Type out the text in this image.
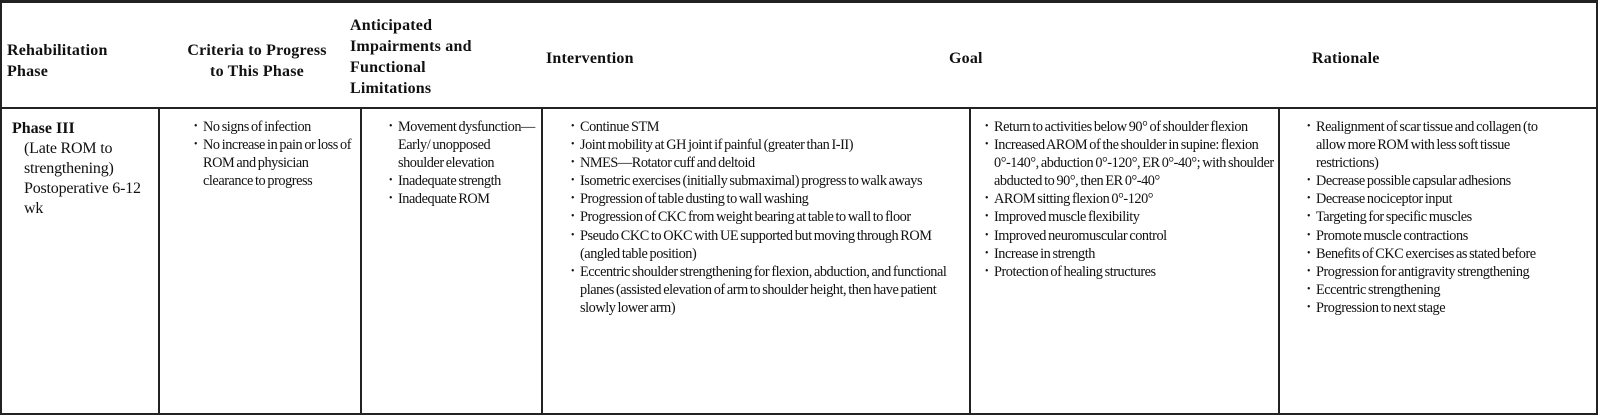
Rehabilitation
Phase
Criteria to Progress
to This Phase
Anticipated
Impairments and
Functional
Limitations
Intervention	Goal	Rationale
Phase III
(Late ROM to strengthening)
Postoperative 6-12 wk
• No signs of infection
• No increase in pain or loss of ROM and physician clearance to progress
• Movement dysfunction—Early/ unopposed shoulder elevation
• Inadequate strength
• Inadequate ROM
• Continue STM
• Joint mobility at GH joint if painful (greater than I-II)
• NMES—Rotator cuff and deltoid
• Isometric exercises (initially submaximal) progress to walk aways
• Progression of table dusting to wall washing
• Progression of CKC from weight bearing at table to wall to floor
• Pseudo CKC to OKC with UE supported but moving through ROM (angled table position)
• Eccentric shoulder strengthening for flexion, abduction, and functional planes (assisted elevation of arm to shoulder height, then have patient slowly lower arm)
• Return to activities below 90° of shoulder flexion
• Increased AROM of the shoulder in supine: flexion 0°-140°, abduction 0°-120°, ER 0°-40°; with shoulder abducted to 90°, then ER 0°-40°
• AROM sitting flexion 0°-120°
• Improved muscle flexibility
• Improved neuromuscular control
• Increase in strength
• Protection of healing structures
• Realignment of scar tissue and collagen (to allow more ROM with less soft tissue restrictions)
• Decrease possible capsular adhesions
• Decrease nociceptor input
• Targeting for specific muscles
• Promote muscle contractions
• Benefits of CKC exercises as stated before
• Progression for antigravity strengthening
• Eccentric strengthening
• Progression to next stage
